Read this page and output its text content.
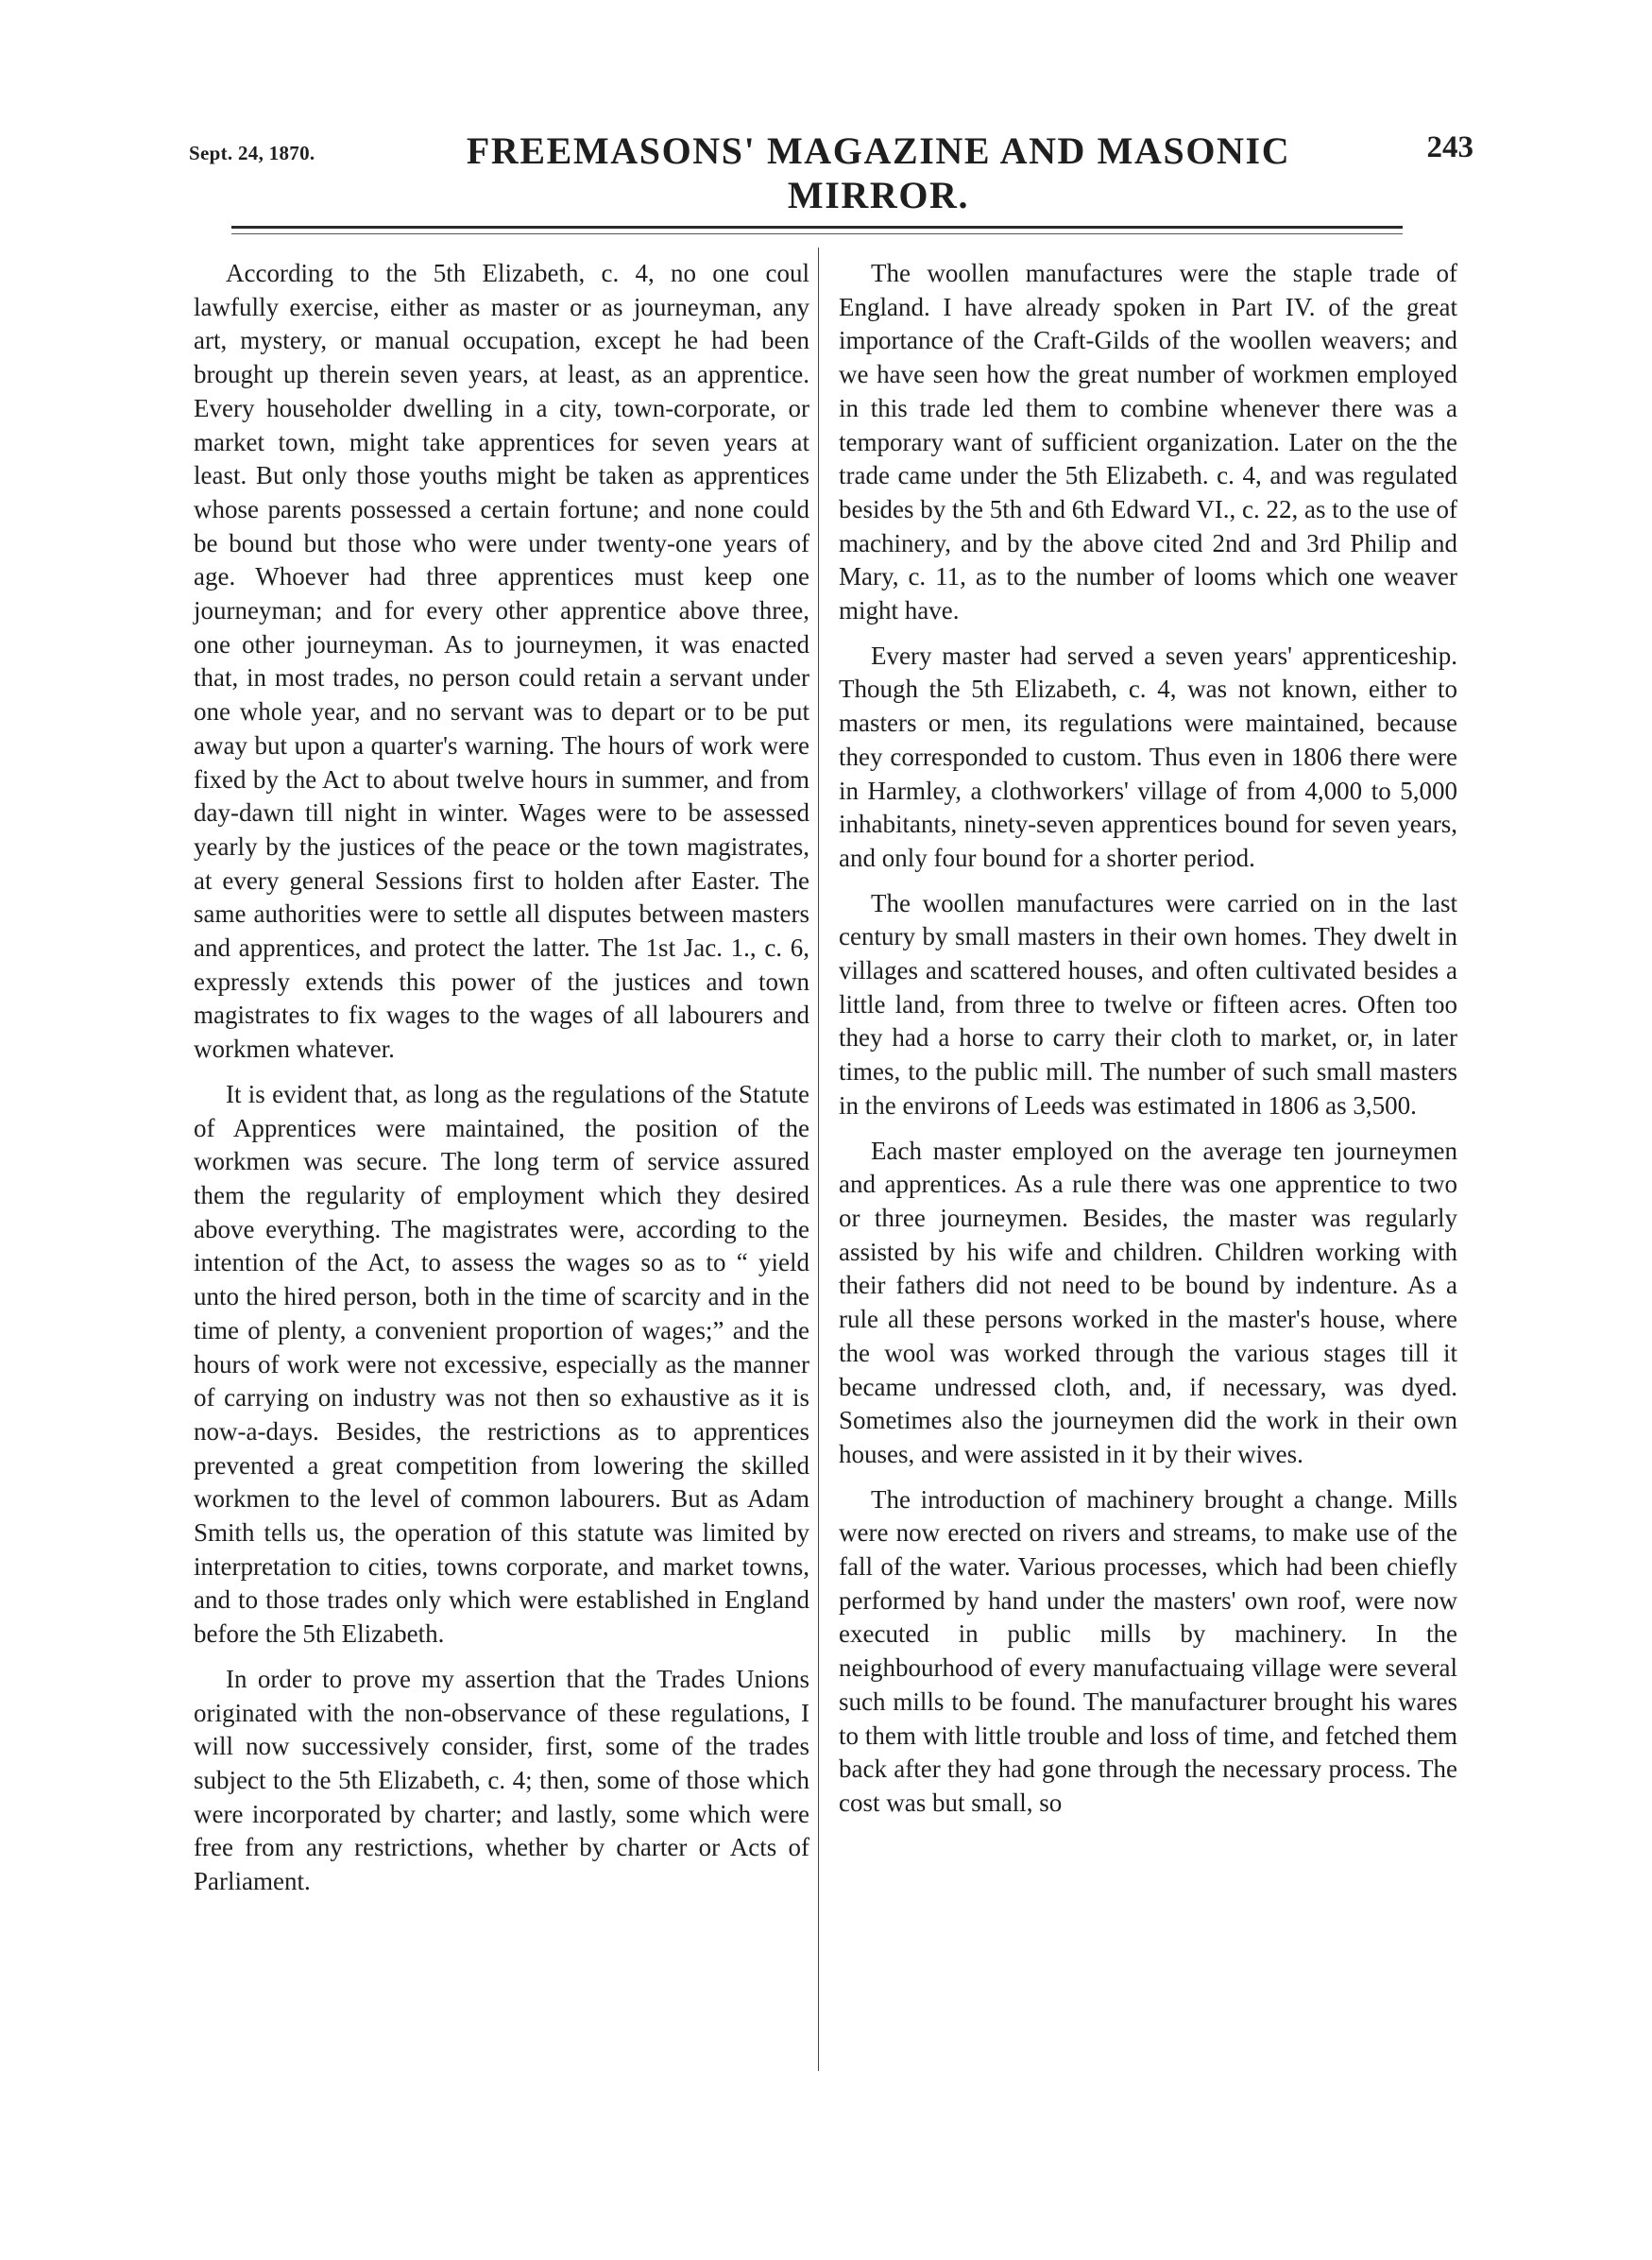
Sept. 24, 1870.	FREEMASONS' MAGAZINE AND MASONIC MIRROR.
243

According to the 5th Elizabeth, c. 4, no one coul lawfully exercise, either as master or as journeyman, any art, mystery, or manual occupation, except he had been brought up therein seven years, at least, as an apprentice. Every householder dwelling in a city, town-corporate, or market town, might take apprentices for seven years at least. But only those youths might be taken as apprentices whose parents possessed a certain fortune; and none could be bound but those who were under twenty-one years of age. Whoever had three apprentices must keep one journeyman; and for every other apprentice above three, one other journeyman. As to journeymen, it was enacted that, in most trades, no person could retain a servant under one whole year, and no servant was to depart or to be put away but upon a quarter's warning. The hours of work were fixed by the Act to about twelve hours in summer, and from day-dawn till night in winter. Wages were to be assessed yearly by the justices of the peace or the town magistrates, at every general Sessions first to holden after Easter. The same authorities were to settle all disputes between masters and apprentices, and protect the latter. The 1st Jac. 1., c. 6, expressly extends this power of the justices and town magistrates to fix wages to the wages of all labourers and workmen whatever.

It is evident that, as long as the regulations of the Statute of Apprentices were maintained, the position of the workmen was secure. The long term of service assured them the regularity of employment which they desired above everything. The magistrates were, according to the intention of the Act, to assess the wages so as to “ yield unto the hired person, both in the time of scarcity and in the time of plenty, a convenient proportion of wages;” and the hours of work were not excessive, especially as the manner of carrying on industry was not then so exhaustive as it is now-a-days. Besides, the restrictions as to apprentices prevented a great competition from lowering the skilled workmen to the level of common labourers. But as Adam Smith tells us, the operation of this statute was limited by interpretation to cities, towns corporate, and market towns, and to those trades only which were established in England before the 5th Elizabeth.

In order to prove my assertion that the Trades Unions originated with the non-observance of these regulations, I will now successively consider, first, some of the trades subject to the 5th Elizabeth, c. 4; then, some of those which were incorporated by charter; and lastly, some which were free from any restrictions, whether by charter or Acts of Parliament.

The woollen manufactures were the staple trade of England. I have already spoken in Part IV. of the great importance of the Craft-Gilds of the woollen weavers; and we have seen how the great number of workmen employed in this trade led them to combine whenever there was a temporary want of sufficient organization. Later on the the trade came under the 5th Elizabeth. c. 4, and was regulated besides by the 5th and 6th Edward VI., c. 22, as to the use of machinery, and by the above cited 2nd and 3rd Philip and Mary, c. 11, as to the number of looms which one weaver might have.

Every master had served a seven years' apprenticeship. Though the 5th Elizabeth, c. 4, was not known, either to masters or men, its regulations were maintained, because they corresponded to custom. Thus even in 1806 there were in Harmley, a clothworkers' village of from 4,000 to 5,000 inhabitants, ninety-seven apprentices bound for seven years, and only four bound for a shorter period.

The woollen manufactures were carried on in the last century by small masters in their own homes. They dwelt in villages and scattered houses, and often cultivated besides a little land, from three to twelve or fifteen acres. Often too they had a horse to carry their cloth to market, or, in later times, to the public mill. The number of such small masters in the environs of Leeds was estimated in 1806 as 3,500.

Each master employed on the average ten journeymen and apprentices. As a rule there was one apprentice to two or three journeymen. Besides, the master was regularly assisted by his wife and children. Children working with their fathers did not need to be bound by indenture. As a rule all these persons worked in the master's house, where the wool was worked through the various stages till it became undressed cloth, and, if necessary, was dyed. Sometimes also the journeymen did the work in their own houses, and were assisted in it by their wives.

The introduction of machinery brought a change. Mills were now erected on rivers and streams, to make use of the fall of the water. Various processes, which had been chiefly performed by hand under the masters' own roof, were now executed in public mills by machinery. In the neighbourhood of every manufactuaing village were several such mills to be found. The manufacturer brought his wares to them with little trouble and loss of time, and fetched them back after they had gone through the necessary process. The cost was but small, so
